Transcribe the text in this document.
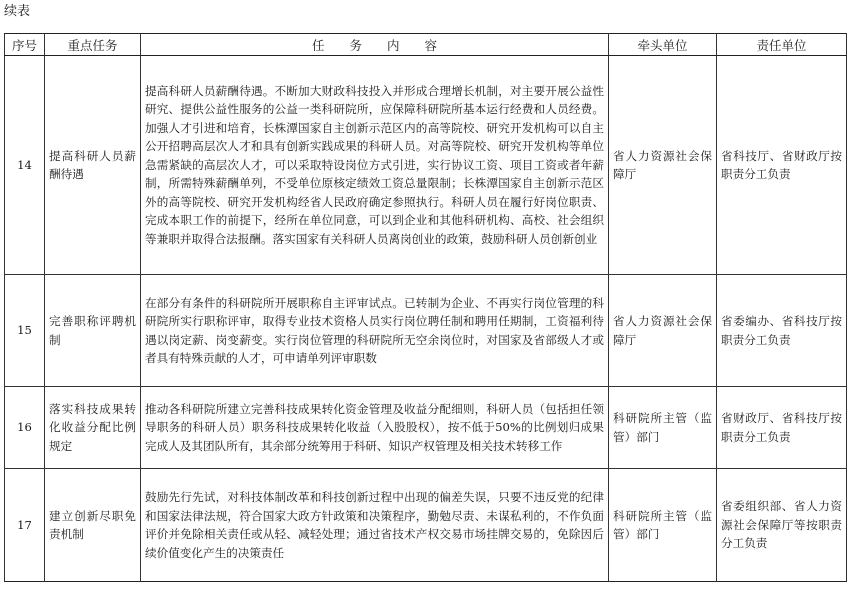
续表
序号	重点任务	任　　务　　内　　容	牵头单位	责任单位
14	提高科研人员薪酬待遇	提高科研人员薪酬待遇。不断加大财政科技投入并形成合理增长机制，对主要开展公益性研究、提供公益性服务的公益一类科研院所，应保障科研院所基本运行经费和人员经费。加强人才引进和培育，长株潭国家自主创新示范区内的高等院校、研究开发机构可以自主公开招聘高层次人才和具有创新实践成果的科研人员。对高等院校、研究开发机构等单位急需紧缺的高层次人才，可以采取特设岗位方式引进，实行协议工资、项目工资或者年薪制，所需特殊薪酬单列，不受单位原核定绩效工资总量限制；长株潭国家自主创新示范区外的高等院校、研究开发机构经省人民政府确定参照执行。科研人员在履行好岗位职责、完成本职工作的前提下，经所在单位同意，可以到企业和其他科研机构、高校、社会组织等兼职并取得合法报酬。落实国家有关科研人员离岗创业的政策，鼓励科研人员创新创业	省人力资源社会保障厅	省科技厅、省财政厅按职责分工负责
15	完善职称评聘机制	在部分有条件的科研院所开展职称自主评审试点。已转制为企业、不再实行岗位管理的科研院所实行职称评审，取得专业技术资格人员实行岗位聘任制和聘用任期制，工资福利待遇以岗定薪、岗变薪变。实行岗位管理的科研院所无空余岗位时，对国家及省部级人才或者具有特殊贡献的人才，可申请单列评审职数	省人力资源社会保障厅	省委编办、省科技厅按职责分工负责
16	落实科技成果转化收益分配比例规定	推动各科研院所建立完善科技成果转化资金管理及收益分配细则，科研人员（包括担任领导职务的科研人员）职务科技成果转化收益（入股股权），按不低于50%的比例划归成果完成人及其团队所有，其余部分统筹用于科研、知识产权管理及相关技术转移工作	科研院所主管（监管）部门	省财政厅、省科技厅按职责分工负责
17	建立创新尽职免责机制	鼓励先行先试，对科技体制改革和科技创新过程中出现的偏差失误，只要不违反党的纪律和国家法律法规，符合国家大政方针政策和决策程序，勤勉尽责、未谋私利的，不作负面评价并免除相关责任或从轻、减轻处理；通过省技术产权交易市场挂牌交易的，免除因后续价值变化产生的决策责任	科研院所主管（监管）部门	省委组织部、省人力资源社会保障厅等按职责分工负责
